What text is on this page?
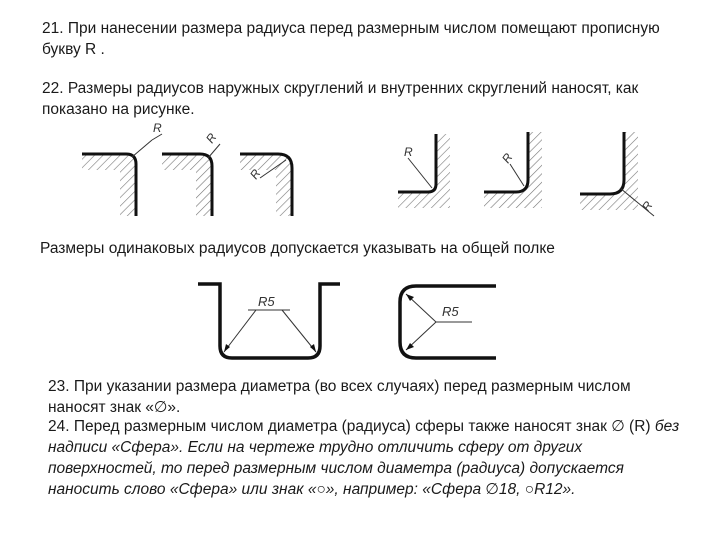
21. При нанесении размера радиуса перед размерным числом помещают прописную букву R .

22. Размеры радиусов наружных скруглений и внутренних скруглений наносят, как показано на рисунке.

R
R
R
R	R
R

Размеры одинаковых радиусов допускается указывать на общей полке

R5
R5

23. При указании размера диаметра (во всех случаях) перед размерным числом наносят знак «∅».

24. Перед размерным числом диаметра (радиуса) сферы также наносят знак ∅ (R) без надписи «Сфера». Если на чертеже трудно отличить сферу от других поверхностей, то перед размерным числом диаметра (радиуса) допускается наносить слово «Сфера» или знак «○», например: «Сфера ∅18, ○R12».
